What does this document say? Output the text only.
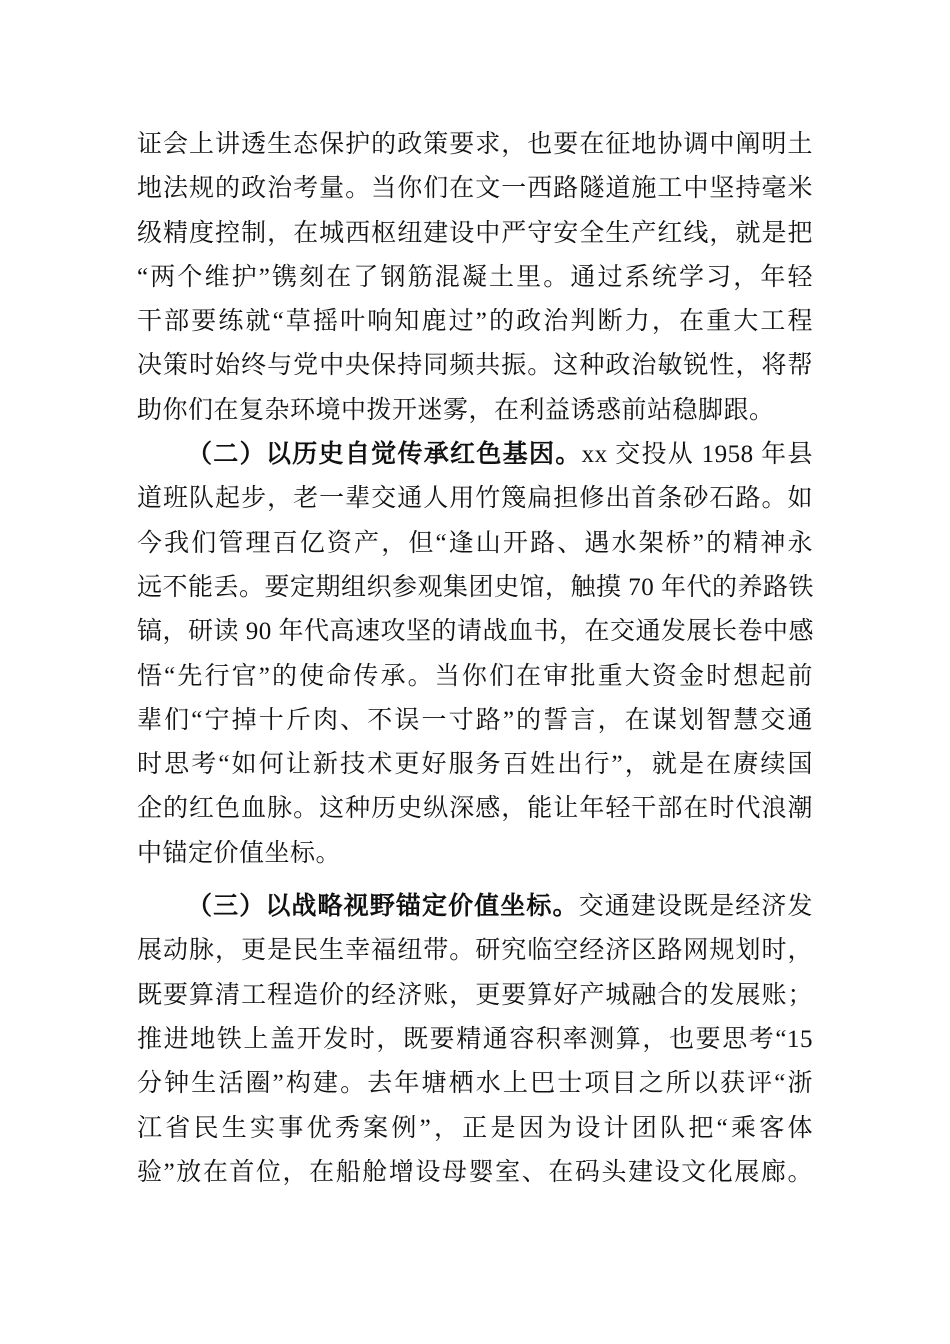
证会上讲透生态保护的政策要求，也要在征地协调中阐明土
地法规的政治考量。当你们在文一西路隧道施工中坚持毫米
级精度控制，在城西枢纽建设中严守安全生产红线，就是把
“两个维护”镌刻在了钢筋混凝土里。通过系统学习，年轻
干部要练就“草摇叶响知鹿过”的政治判断力，在重大工程
决策时始终与党中央保持同频共振。这种政治敏锐性，将帮
助你们在复杂环境中拨开迷雾，在利益诱惑前站稳脚跟。
（二）以历史自觉传承红色基因。xx 交投从 1958 年县
道班队起步，老一辈交通人用竹篾扁担修出首条砂石路。如
今我们管理百亿资产，但“逢山开路、遇水架桥”的精神永
远不能丢。要定期组织参观集团史馆，触摸 70 年代的养路铁
镐，研读 90 年代高速攻坚的请战血书，在交通发展长卷中感
悟“先行官”的使命传承。当你们在审批重大资金时想起前
辈们“宁掉十斤肉、不误一寸路”的誓言，在谋划智慧交通
时思考“如何让新技术更好服务百姓出行”，就是在赓续国
企的红色血脉。这种历史纵深感，能让年轻干部在时代浪潮
中锚定价值坐标。
（三）以战略视野锚定价值坐标。交通建设既是经济发
展动脉，更是民生幸福纽带。研究临空经济区路网规划时，
既要算清工程造价的经济账，更要算好产城融合的发展账；
推进地铁上盖开发时，既要精通容积率测算，也要思考“15
分钟生活圈”构建。去年塘栖水上巴士项目之所以获评“浙
江省民生实事优秀案例”，正是因为设计团队把“乘客体
验”放在首位，在船舱增设母婴室、在码头建设文化展廊。
